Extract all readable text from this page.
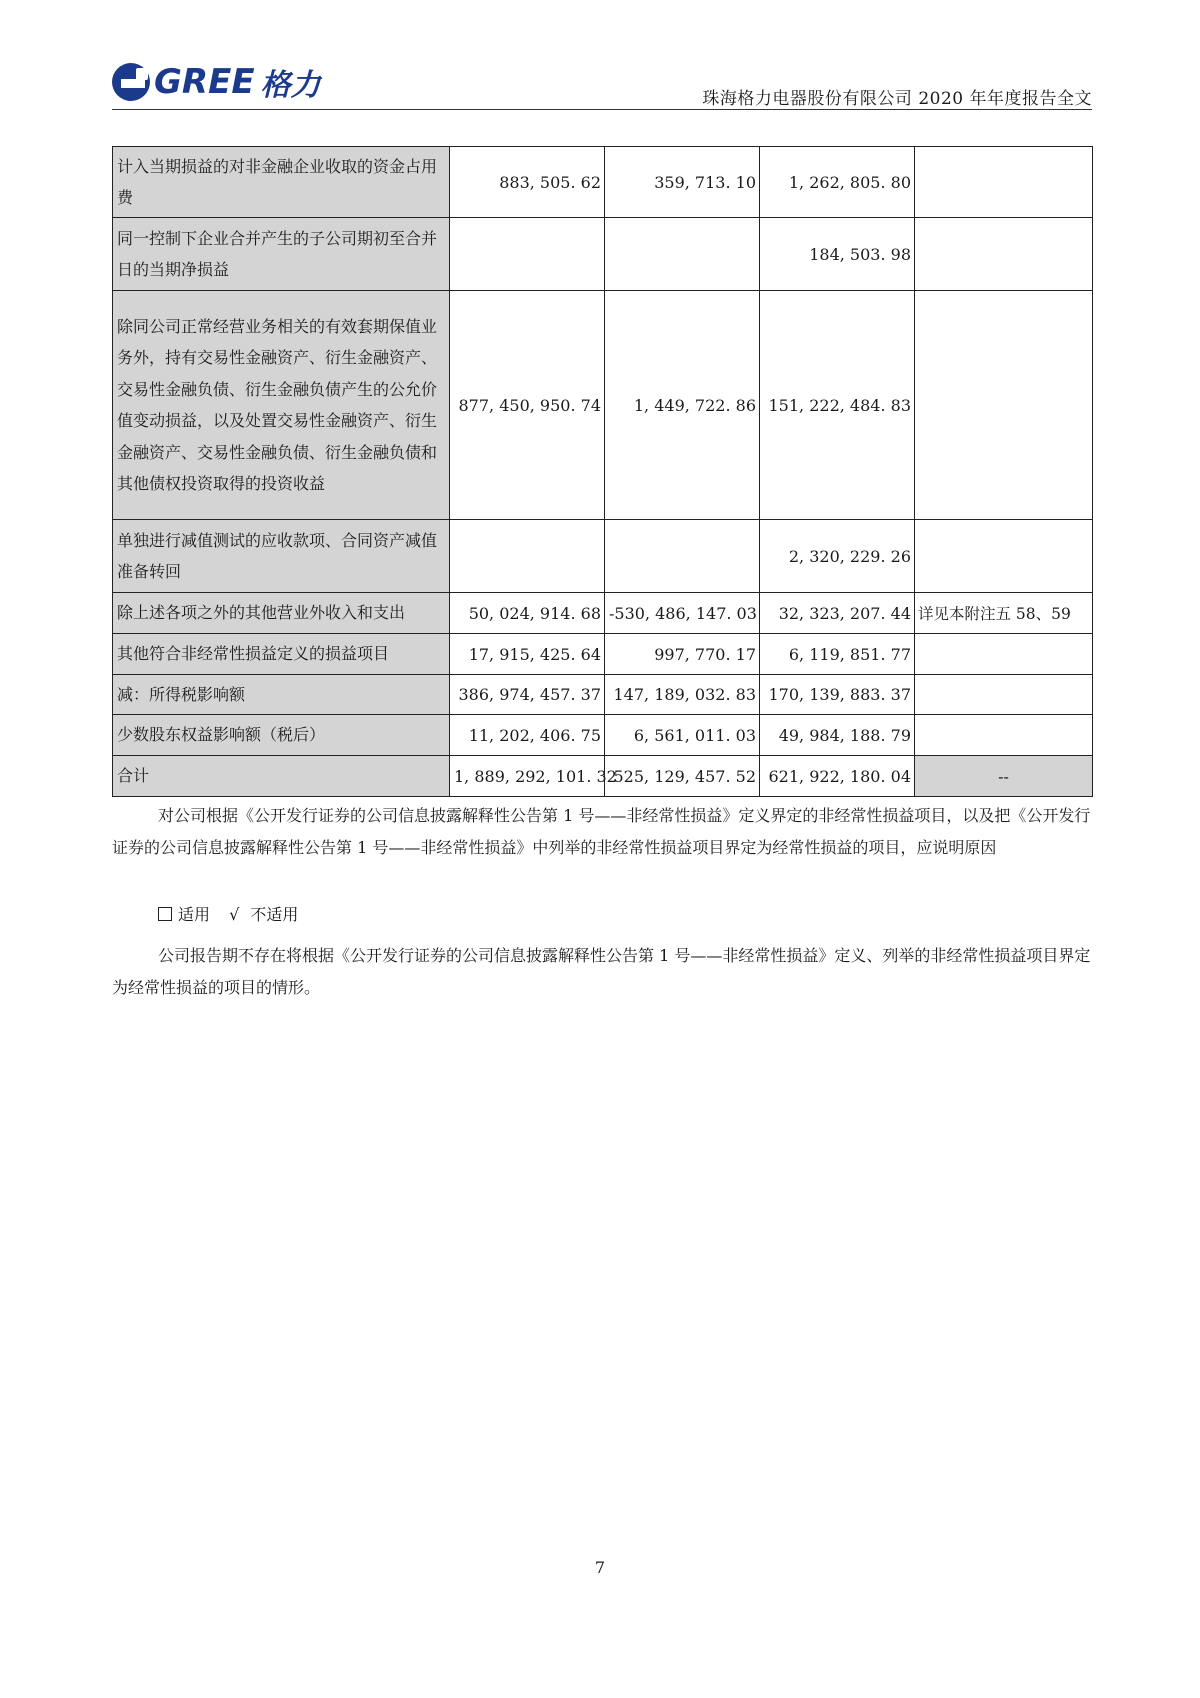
GREE 格力	珠海格力电器股份有限公司 2020 年年度报告全文
计入当期损益的对非金融企业收取的资金占用费	883, 505. 62	359, 713. 10	1, 262, 805. 80	
同一控制下企业合并产生的子公司期初至合并日的当期净损益			184, 503. 98	
除同公司正常经营业务相关的有效套期保值业务外，持有交易性金融资产、衍生金融资产、交易性金融负债、衍生金融负债产生的公允价值变动损益，以及处置交易性金融资产、衍生金融资产、交易性金融负债、衍生金融负债和其他债权投资取得的投资收益	877, 450, 950. 74	1, 449, 722. 86	151, 222, 484. 83	
单独进行减值测试的应收款项、合同资产减值准备转回			2, 320, 229. 26	
除上述各项之外的其他营业外收入和支出	50, 024, 914. 68	-530, 486, 147. 03	32, 323, 207. 44	详见本附注五 58、59
其他符合非经常性损益定义的损益项目	17, 915, 425. 64	997, 770. 17	6, 119, 851. 77	
减：所得税影响额	386, 974, 457. 37	147, 189, 032. 83	170, 139, 883. 37	
少数股东权益影响额（税后）	11, 202, 406. 75	6, 561, 011. 03	49, 984, 188. 79	
合计	1, 889, 292, 101. 32	525, 129, 457. 52	621, 922, 180. 04	--
对公司根据《公开发行证券的公司信息披露解释性公告第 1 号——非经常性损益》定义界定的非经常性损益项目，以及把《公开发行证券的公司信息披露解释性公告第 1 号——非经常性损益》中列举的非经常性损益项目界定为经常性损益的项目，应说明原因
适用 √ 不适用
公司报告期不存在将根据《公开发行证券的公司信息披露解释性公告第 1 号——非经常性损益》定义、列举的非经常性损益项目界定为经常性损益的项目的情形。
7
